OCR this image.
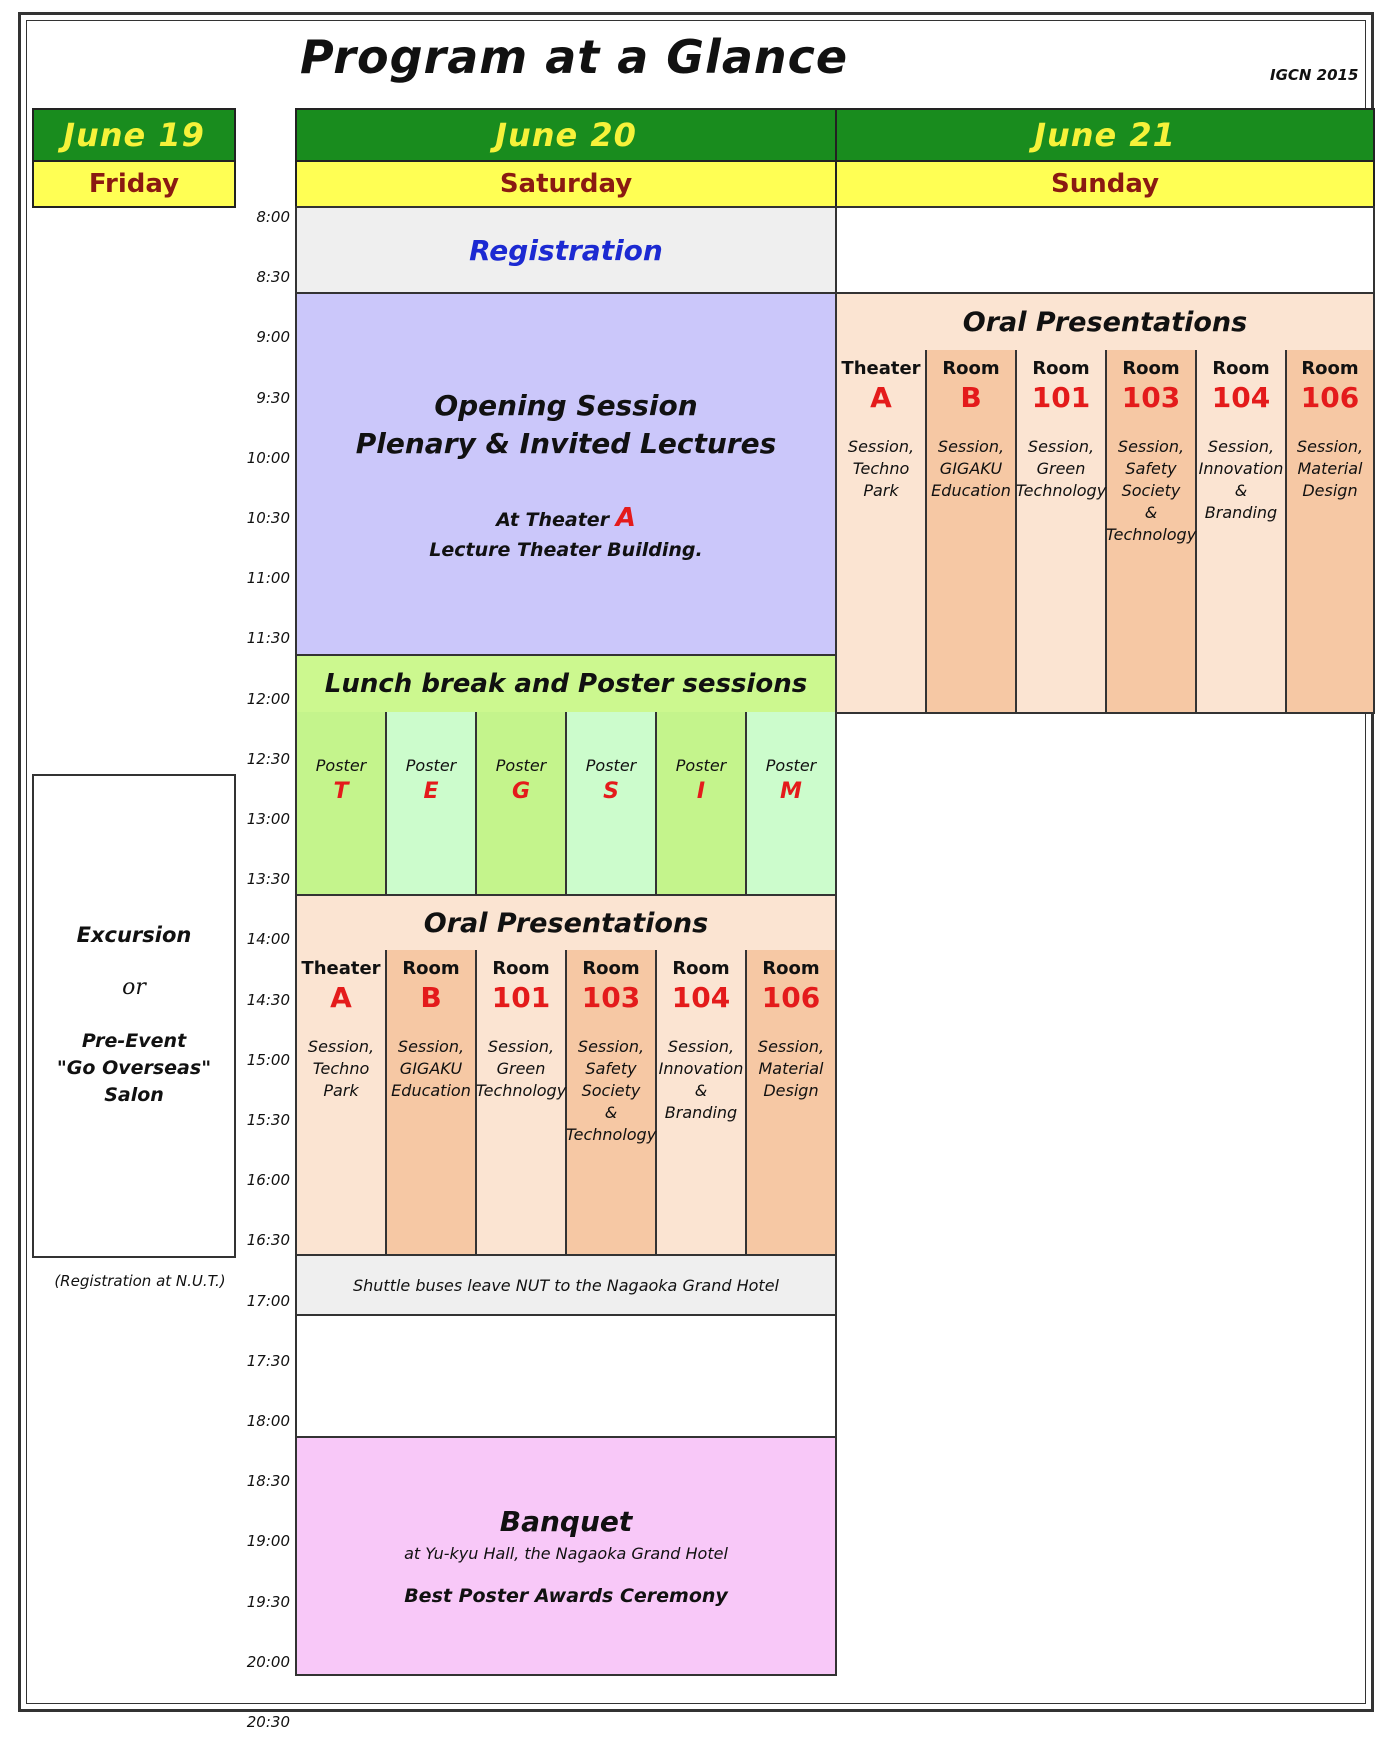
Program at a Glance	IGCN 2015
June 19
Friday
June 20
Saturday
June 21
Sunday
8:00
8:30
9:00
9:30
10:00
10:30
11:00
11:30
12:00
12:30
13:00
13:30
14:00
14:30
15:00
15:30
16:00
16:30
17:00
17:30
18:00
18:30
19:00
19:30
20:00
20:30
Excursion
or
Pre-Event
"Go Overseas"
Salon
(Registration at N.U.T.)
Registration
Opening Session
Plenary & Invited Lectures
At Theater A
Lecture Theater Building.
Lunch break and Poster sessions
Poster
T
Poster
E
Poster
G
Poster
S
Poster
I
Poster
M
Oral Presentations
Theater
A
Session,
Techno
Park
Room
B
Session,
GIGAKU
Education
Room
101
Session,
Green
Technology
Room
103
Session,
Safety
Society
&
Technology
Room
104
Session,
Innovation
& Branding
Room
106
Session,
Material
Design
Shuttle buses leave NUT to the Nagaoka Grand Hotel
Banquet
at Yu-kyu Hall, the Nagaoka Grand Hotel
Best Poster Awards Ceremony
Oral Presentations
Theater
A
Session,
Techno
Park
Room
B
Session,
GIGAKU
Education
Room
101
Session,
Green
Technology
Room
103
Session,
Safety
Society
&
Technology
Room
104
Session,
Innovation
& Branding
Room
106
Session,
Material
Design
